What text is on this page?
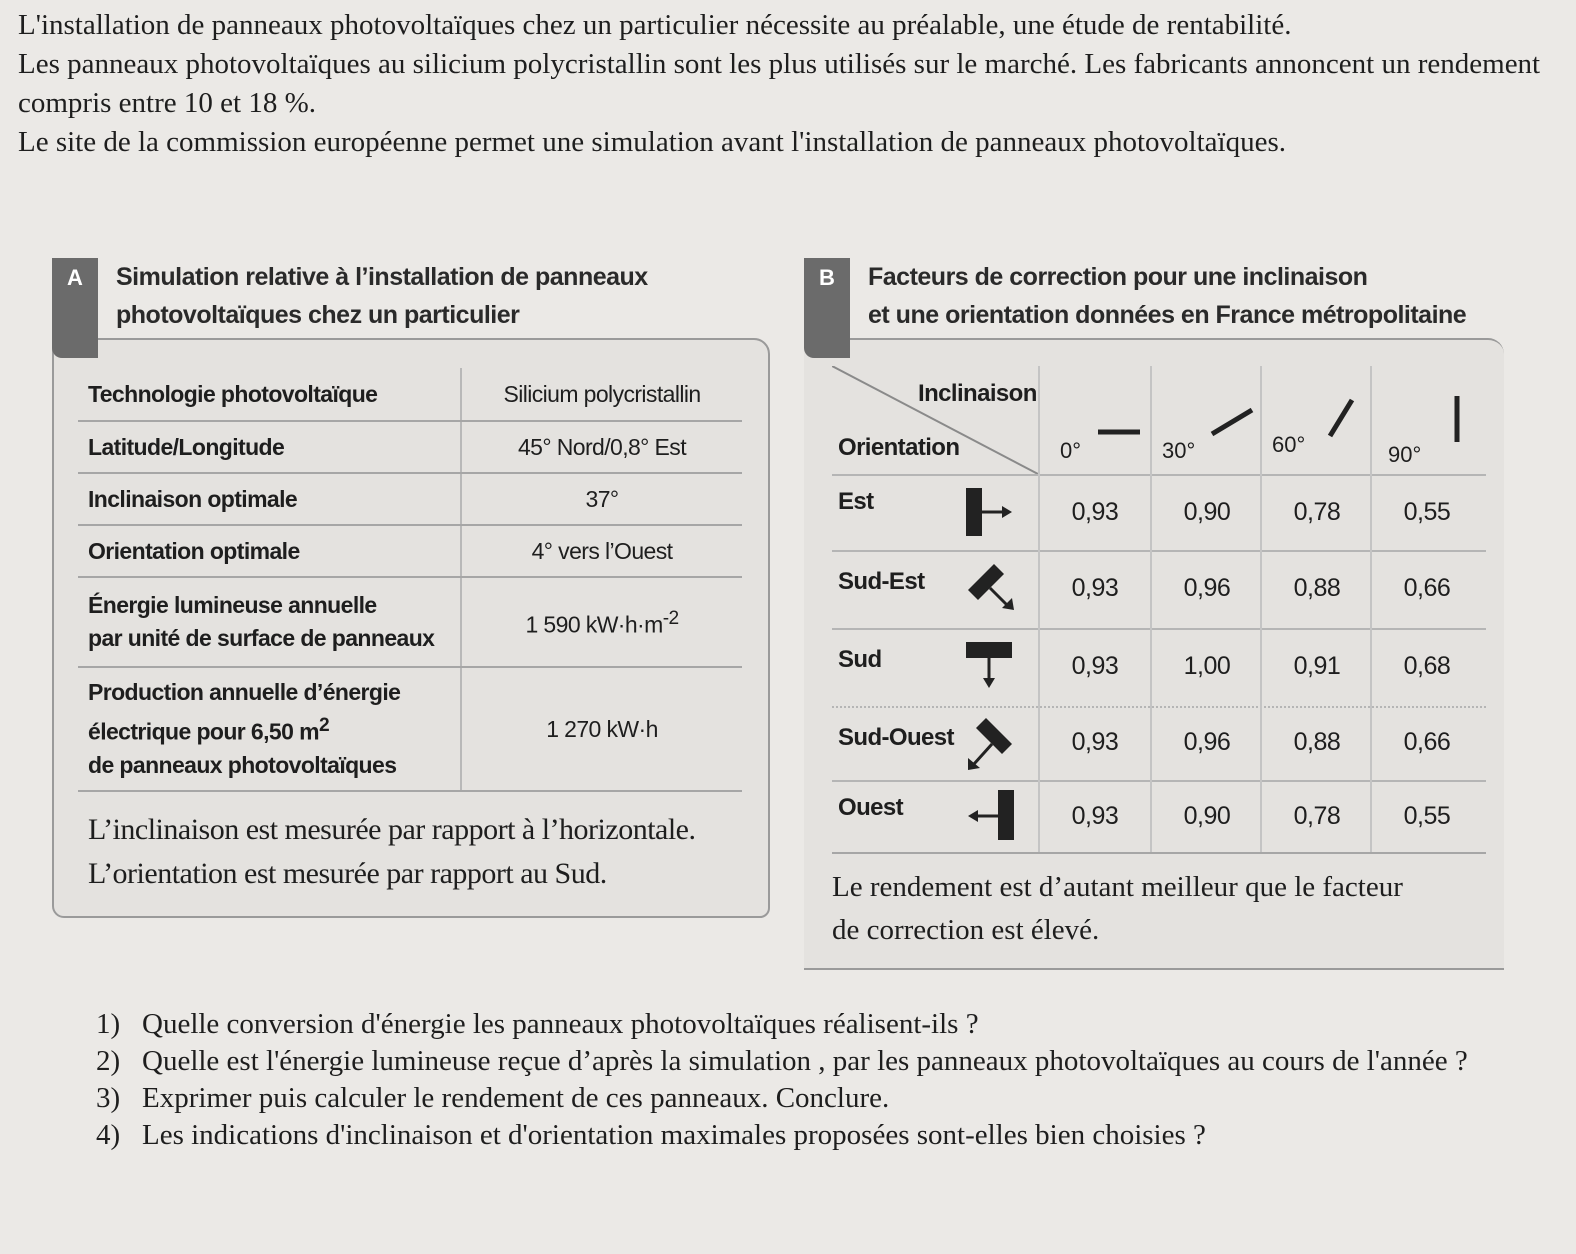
L'installation de panneaux photovoltaïques chez un particulier nécessite au préalable, une étude de rentabilité.

Les panneaux photovoltaïques au silicium polycristallin sont les plus utilisés sur le marché. Les fabricants annoncent un rendement compris entre 10 et 18 %.

Le site de la commission européenne permet une simulation avant l'installation de panneaux photovoltaïques.

A	Simulation relative à l’installation de panneaux
photovoltaïques chez un particulier
Technologie photovoltaïque	Silicium polycristallin
Latitude/Longitude	45° Nord/0,8° Est
Inclinaison optimale	37°
Orientation optimale	4° vers l’Ouest

Énergie lumineuse annuelle
par unité de surface de panneaux	1 590 $kW\cdot h\cdot m^{-2}$

Production annuelle d’énergie
électrique pour 6,50 $m^2$
de panneaux photovoltaïques	1 270 kW·h

L’inclinaison est mesurée par rapport à l’horizontale.

L’orientation est mesurée par rapport au Sud.

B	Facteurs de correction pour une inclinaison
et une orientation données en France métropolitaine
Inclinaison
Orientation	0°	30°	60°	90°
Est	0,93	0,90	0,78	0,55
Sud-Est	0,93	0,96	0,88	0,66
Sud	0,93	1,00	0,91	0,68
Sud-Ouest	0,93	0,96	0,88	0,66
Ouest	0,93	0,90	0,78	0,55

Le rendement est d’autant meilleur que le facteur

de correction est élevé.

1) Quelle conversion d'énergie les panneaux photovoltaïques réalisent-ils ?

2) Quelle est l'énergie lumineuse reçue d’après la simulation , par les panneaux photovoltaïques au cours de l'année ?

3) Exprimer puis calculer le rendement de ces panneaux. Conclure.

4) Les indications d'inclinaison et d'orientation maximales proposées sont-elles bien choisies ?
